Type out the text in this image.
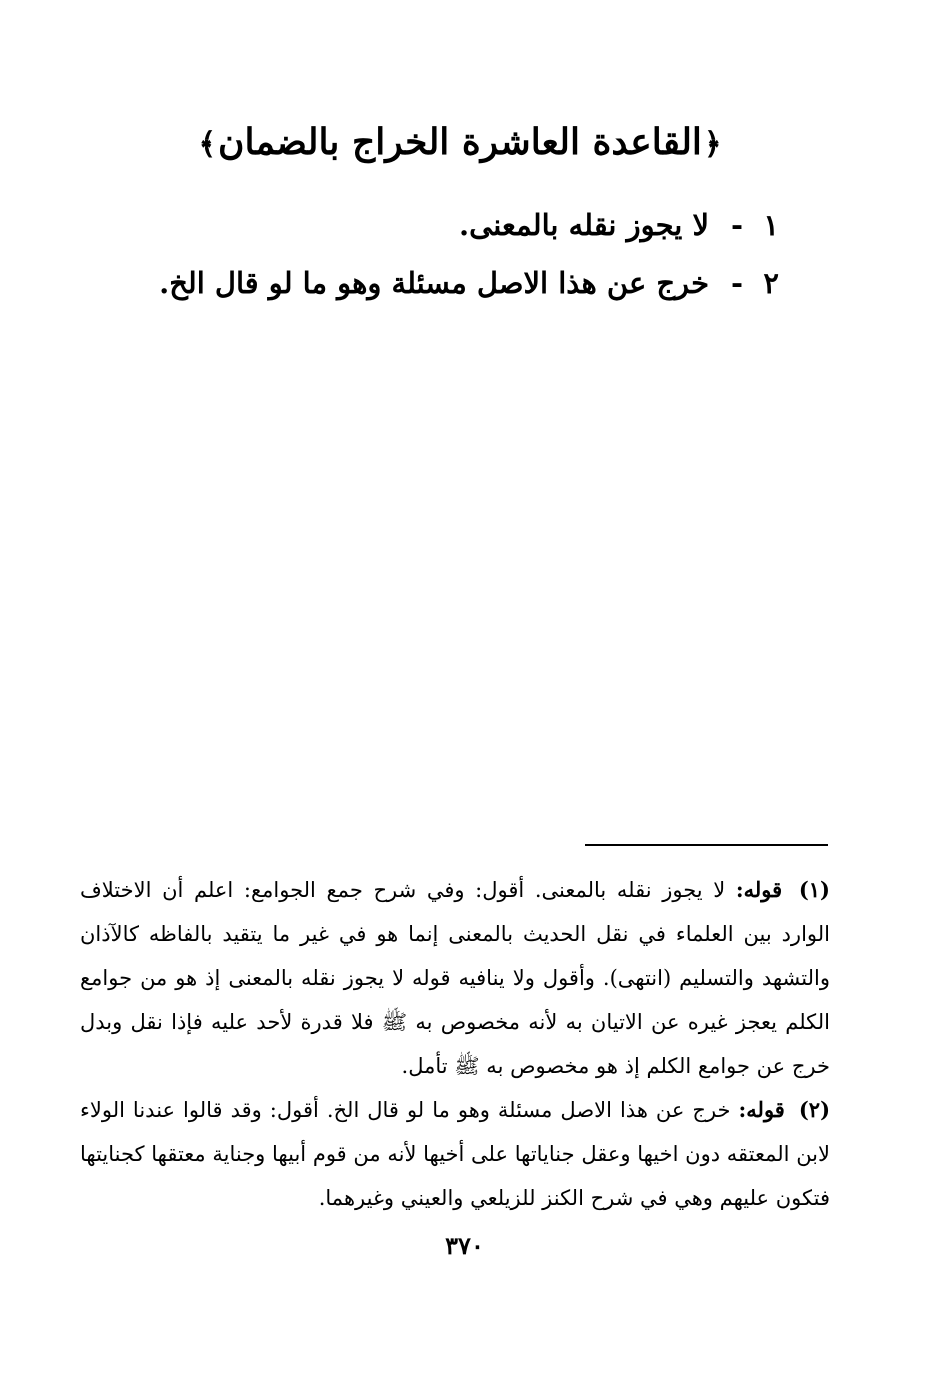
﴿القاعدة العاشرة الخراج بالضمان﴾
١
-
لا يجوز نقله بالمعنى.
٢
-
خرج عن هذا الاصل مسئلة وهو ما لو قال الخ.

(١) قوله: لا يجوز نقله بالمعنى. أقول: وفي شرح جمع الجوامع: اعلم أن الاختلاف الوارد بين العلماء في نقل الحديث بالمعنى إنما هو في غير ما يتقيد بالفاظه كالآذان والتشهد والتسليم (انتهى). وأقول ولا ينافيه قوله لا يجوز نقله بالمعنى إذ هو من جوامع الكلم يعجز غيره عن الاتيان به لأنه مخصوص به ﷺ فلا قدرة لأحد عليه فإذا نقل وبدل خرج عن جوامع الكلم إذ هو مخصوص به ﷺ تأمل.

(٢) قوله: خرج عن هذا الاصل مسئلة وهو ما لو قال الخ. أقول: وقد قالوا عندنا الولاء لابن المعتقه دون اخيها وعقل جناياتها على أخيها لأنه من قوم أبيها وجناية معتقها كجنايتها فتكون عليهم وهي في شرح الكنز للزيلعي والعيني وغيرهما.

٣٧٠
